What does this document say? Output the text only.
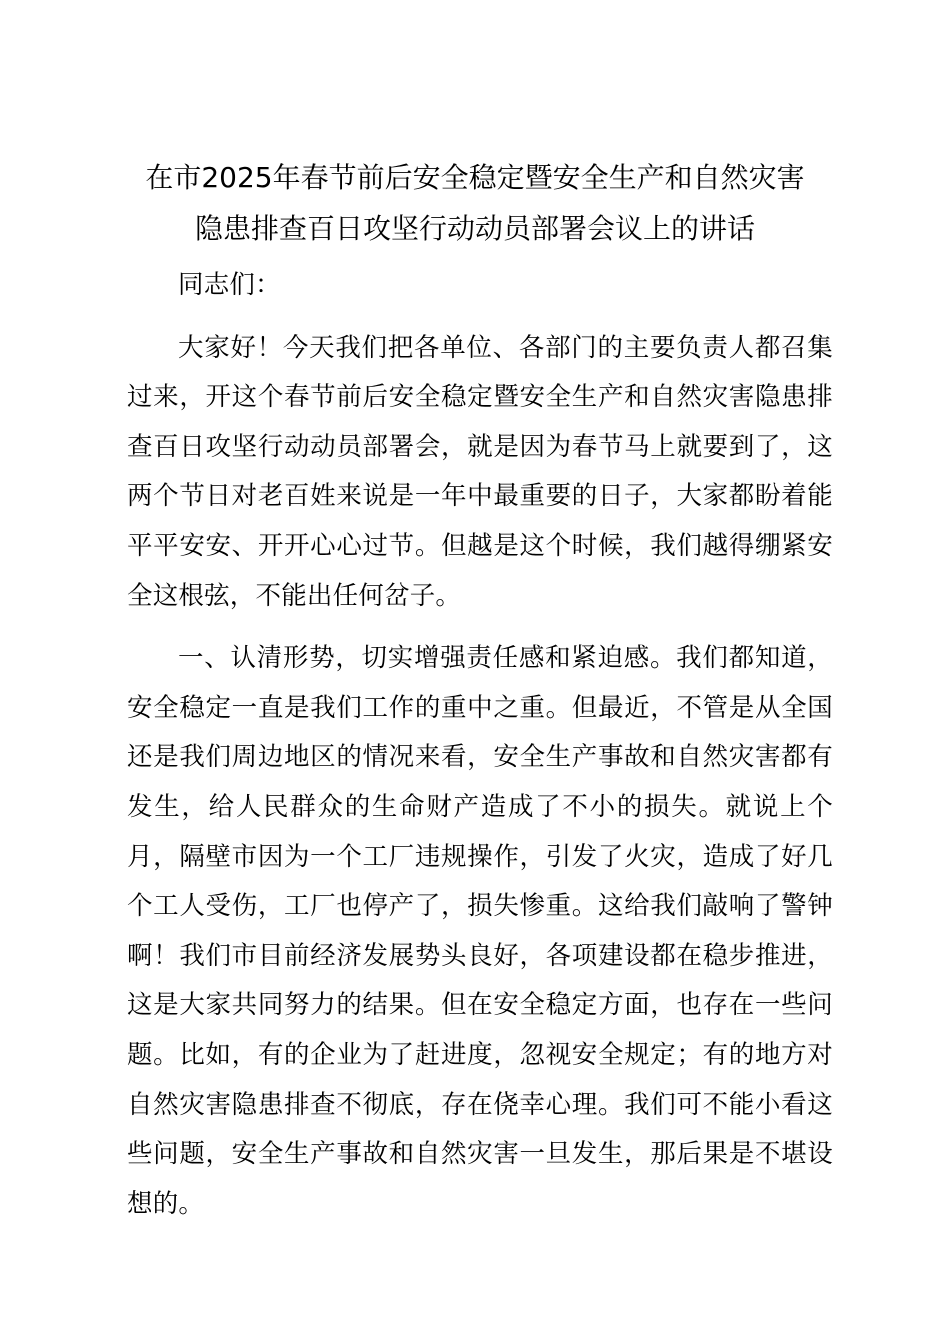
在市2025年春节前后安全稳定暨安全生产和自然灾害
隐患排查百日攻坚行动动员部署会议上的讲话

同志们：

大家好！今天我们把各单位、各部门的主要负责人都召集过来，开这个春节前后安全稳定暨安全生产和自然灾害隐患排查百日攻坚行动动员部署会，就是因为春节马上就要到了，这两个节日对老百姓来说是一年中最重要的日子，大家都盼着能平平安安、开开心心过节。但越是这个时候，我们越得绷紧安全这根弦，不能出任何岔子。

一、认清形势，切实增强责任感和紧迫感。我们都知道，安全稳定一直是我们工作的重中之重。但最近，不管是从全国还是我们周边地区的情况来看，安全生产事故和自然灾害都有发生，给人民群众的生命财产造成了不小的损失。就说上个月，隔壁市因为一个工厂违规操作，引发了火灾，造成了好几个工人受伤，工厂也停产了，损失惨重。这给我们敲响了警钟啊！我们市目前经济发展势头良好，各项建设都在稳步推进，这是大家共同努力的结果。但在安全稳定方面，也存在一些问题。比如，有的企业为了赶进度，忽视安全规定；有的地方对自然灾害隐患排查不彻底，存在侥幸心理。我们可不能小看这些问题，安全生产事故和自然灾害一旦发生，那后果是不堪设想的。
